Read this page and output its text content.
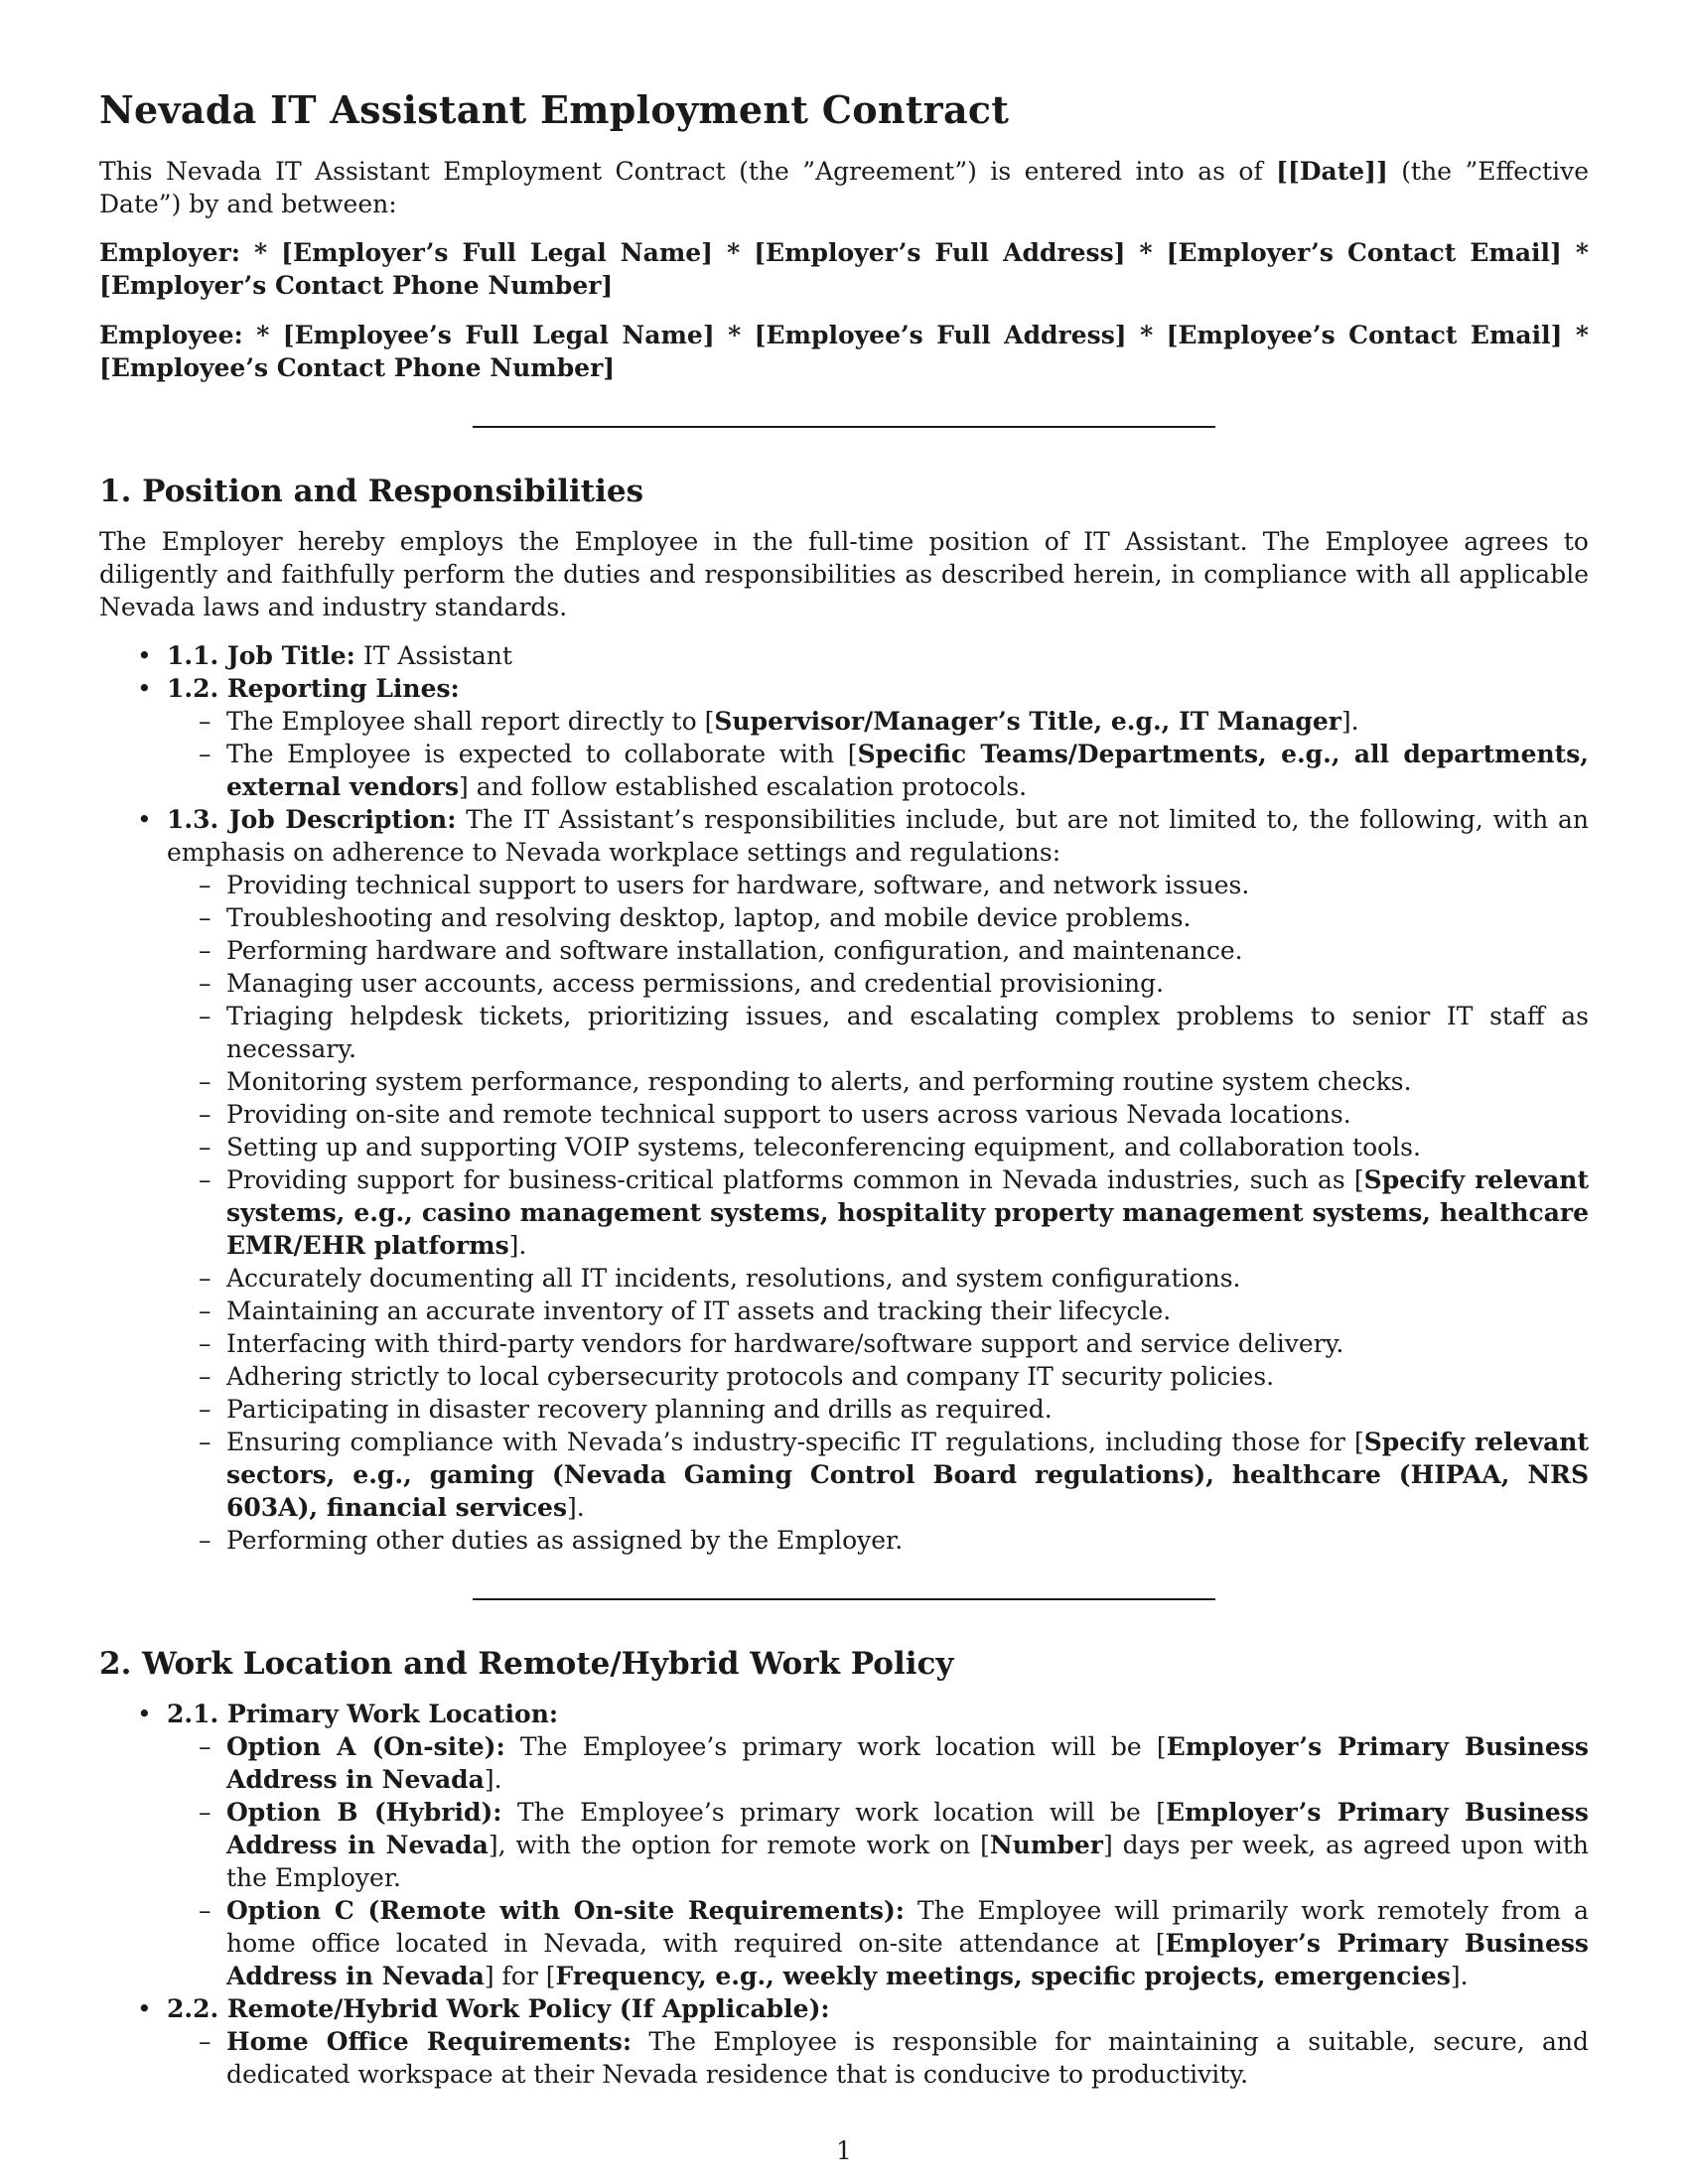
Nevada IT Assistant Employment Contract

This Nevada IT Assistant Employment Contract (the ”Agreement”) is entered into as of [[Date]] (the ”Effective Date”) by and between:

Employer: * [Employer’s Full Legal Name] * [Employer’s Full Address] * [Employer’s Contact Email] * [Employer’s Contact Phone Number]
Employee: * [Employee’s Full Legal Name] * [Employee’s Full Address] * [Employee’s Contact Email] * [Employee’s Contact Phone Number]
1. Position and Responsibilities

The Employer hereby employs the Employee in the full-time position of IT Assistant. The Employee agrees to diligently and faithfully perform the duties and responsibilities as described herein, in compliance with all applicable Nevada laws and industry standards.

• 1.1. Job Title: IT Assistant
• 1.2. Reporting Lines:
– The Employee shall report directly to [Supervisor/Manager’s Title, e.g., IT Manager].
– The Employee is expected to collaborate with [Specific Teams/Departments, e.g., all departments, external vendors] and follow established escalation protocols.
• 1.3. Job Description: The IT Assistant’s responsibilities include, but are not limited to, the following, with an emphasis on adherence to Nevada workplace settings and regulations:
– Providing technical support to users for hardware, software, and network issues.
– Troubleshooting and resolving desktop, laptop, and mobile device problems.
– Performing hardware and software installation, configuration, and maintenance.
– Managing user accounts, access permissions, and credential provisioning.
– Triaging helpdesk tickets, prioritizing issues, and escalating complex problems to senior IT staff as necessary.
– Monitoring system performance, responding to alerts, and performing routine system checks.
– Providing on-site and remote technical support to users across various Nevada locations.
– Setting up and supporting VOIP systems, teleconferencing equipment, and collaboration tools.
– Providing support for business-critical platforms common in Nevada industries, such as [Specify relevant systems, e.g., casino management systems, hospitality property management systems, healthcare EMR/EHR platforms].
– Accurately documenting all IT incidents, resolutions, and system configurations.
– Maintaining an accurate inventory of IT assets and tracking their lifecycle.
– Interfacing with third-party vendors for hardware/software support and service delivery.
– Adhering strictly to local cybersecurity protocols and company IT security policies.
– Participating in disaster recovery planning and drills as required.
– Ensuring compliance with Nevada’s industry-specific IT regulations, including those for [Specify relevant sectors, e.g., gaming (Nevada Gaming Control Board regulations), healthcare (HIPAA, NRS 603A), financial services].
– Performing other duties as assigned by the Employer.
2. Work Location and Remote/Hybrid Work Policy
• 2.1. Primary Work Location:
– Option A (On-site): The Employee’s primary work location will be [Employer’s Primary Business Address in Nevada].
– Option B (Hybrid): The Employee’s primary work location will be [Employer’s Primary Business Address in Nevada], with the option for remote work on [Number] days per week, as agreed upon with the Employer.
– Option C (Remote with On-site Requirements): The Employee will primarily work remotely from a home office located in Nevada, with required on-site attendance at [Employer’s Primary Business Address in Nevada] for [Frequency, e.g., weekly meetings, specific projects, emergencies].
• 2.2. Remote/Hybrid Work Policy (If Applicable):
– Home Office Requirements: The Employee is responsible for maintaining a suitable, secure, and dedicated workspace at their Nevada residence that is conducive to productivity.
1
